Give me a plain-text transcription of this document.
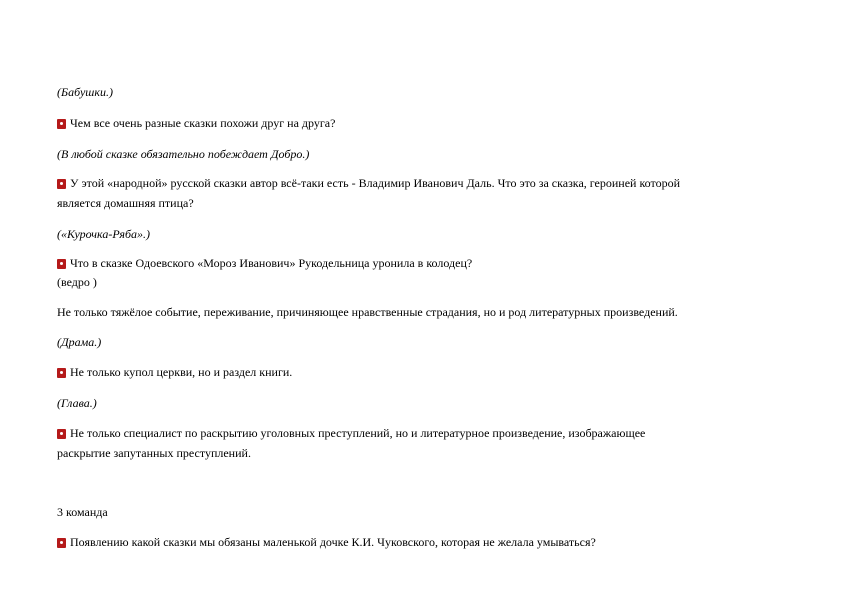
(Бабушки.)
Чем все очень разные сказки похожи друг на друга?
(В любой сказке обязательно побеждает Добро.)
У этой «народной» русской сказки автор всё-таки есть - Владимир Иванович Даль. Что это за сказка, героиней которой
является домашняя птица?
(«Курочка-Ряба».)
Что в сказке Одоевского «Мороз Иванович» Рукодельница уронила в колодец?
(ведро )
Не только тяжёлое событие, переживание, причиняющее нравственные страдания, но и род литературных произведений.
(Драма.)
Не только купол церкви, но и раздел книги.
(Глава.)
Не только специалист по раскрытию уголовных преступлений, но и литературное произведение, изображающее
раскрытие запутанных преступлений.
3 команда
Появлению какой сказки мы обязаны маленькой дочке К.И. Чуковского, которая не желала умываться?
